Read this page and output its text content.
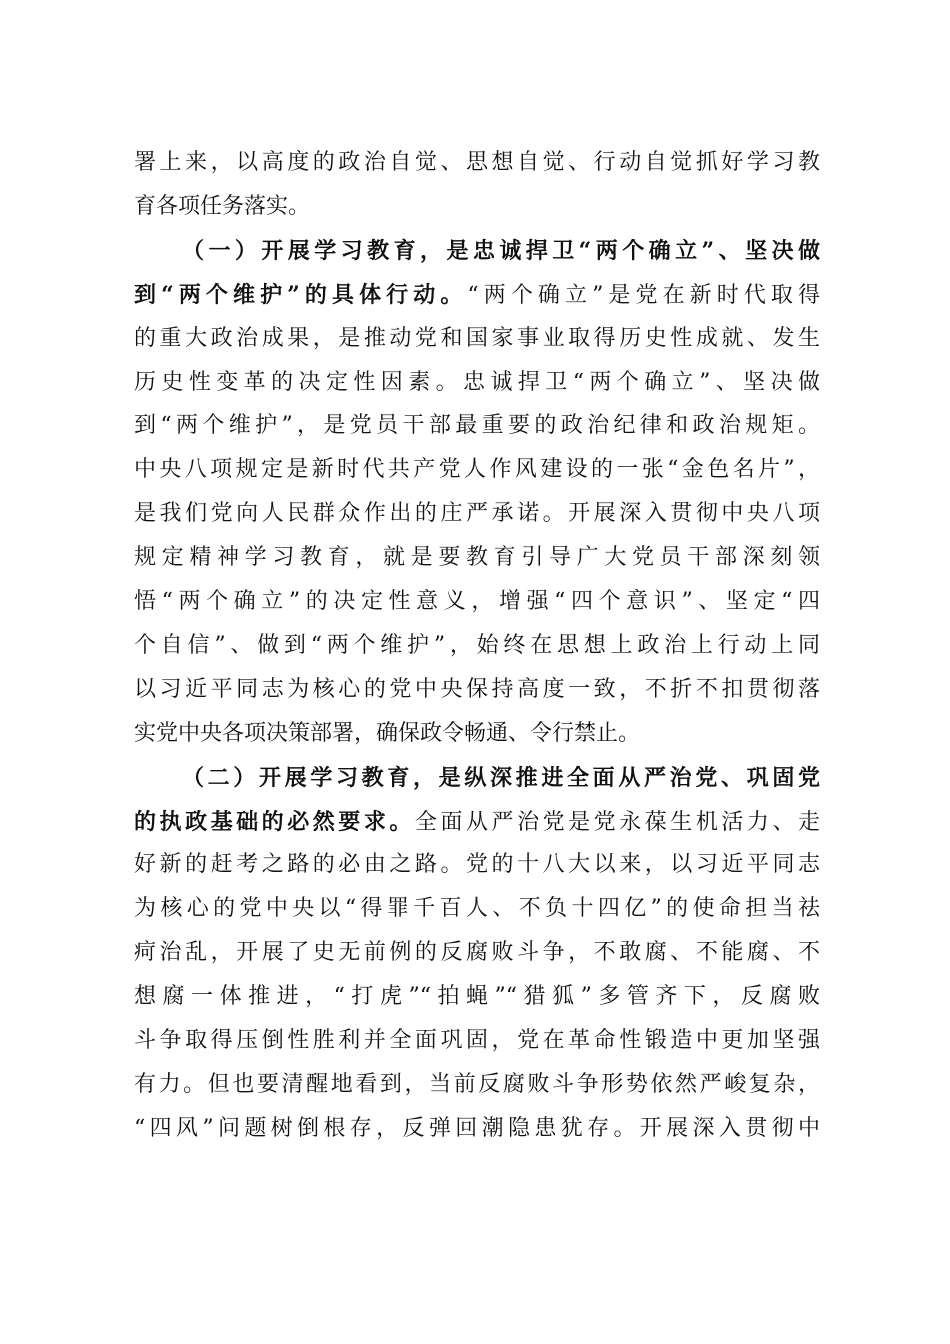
署上来，以高度的政治自觉、思想自觉、行动自觉抓好学习教
育各项任务落实。
（一）开展学习教育，是忠诚捍卫“两个确立”、坚决做
到“两个维护”的具体行动。“两个确立”是党在新时代取得
的重大政治成果，是推动党和国家事业取得历史性成就、发生
历史性变革的决定性因素。忠诚捍卫“两个确立”、坚决做
到“两个维护”，是党员干部最重要的政治纪律和政治规矩。
中央八项规定是新时代共产党人作风建设的一张“金色名片”，
是我们党向人民群众作出的庄严承诺。开展深入贯彻中央八项
规定精神学习教育，就是要教育引导广大党员干部深刻领
悟“两个确立”的决定性意义，增强“四个意识”、坚定“四
个自信”、做到“两个维护”，始终在思想上政治上行动上同
以习近平同志为核心的党中央保持高度一致，不折不扣贯彻落
实党中央各项决策部署，确保政令畅通、令行禁止。
（二）开展学习教育，是纵深推进全面从严治党、巩固党
的执政基础的必然要求。全面从严治党是党永葆生机活力、走
好新的赶考之路的必由之路。党的十八大以来，以习近平同志
为核心的党中央以“得罪千百人、不负十四亿”的使命担当祛
疴治乱，开展了史无前例的反腐败斗争，不敢腐、不能腐、不
想腐一体推进，“打虎”“拍蝇”“猎狐”多管齐下，反腐败
斗争取得压倒性胜利并全面巩固，党在革命性锻造中更加坚强
有力。但也要清醒地看到，当前反腐败斗争形势依然严峻复杂，
“四风”问题树倒根存，反弹回潮隐患犹存。开展深入贯彻中
